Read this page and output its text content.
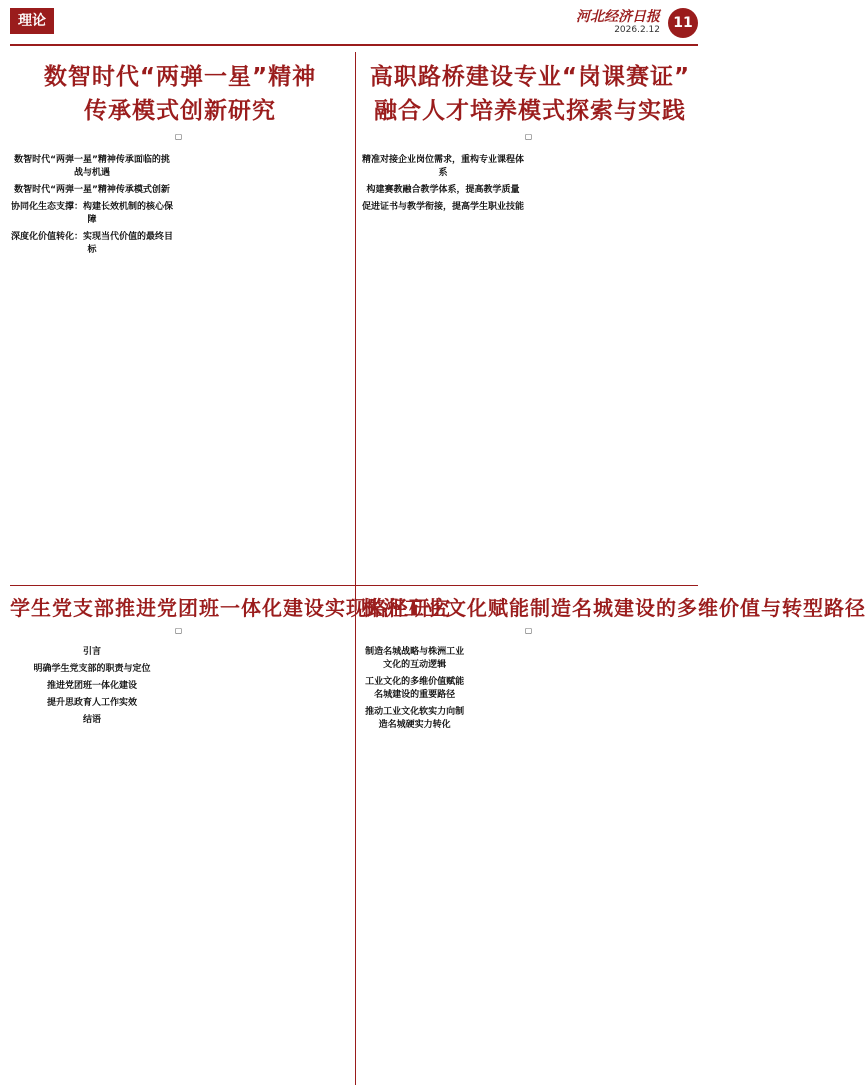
理论	河北经济日报
2026.2.12 11
数智时代“两弹一星”精神
传承模式创新研究
▢
数智时代“两弹一星”精神传承面临的挑战与机遇
数智时代“两弹一星”精神传承模式创新
协同化生态支撑：构建长效机制的核心保障
深度化价值转化：实现当代价值的最终目标
高职路桥建设专业“岗课赛证”
融合人才培养模式探索与实践
▢
精准对接企业岗位需求，重构专业课程体系
构建赛教融合教学体系，提高教学质量
促进证书与教学衔接，提高学生职业技能
学生党支部推进党团班一体化建设实现路径研究
▢
引言
明确学生党支部的职责与定位
推进党团班一体化建设
提升思政育人工作实效
结语
株洲工业文化赋能制造名城建设的多维价值与转型路径
▢
制造名城战略与株洲工业文化的互动逻辑
工业文化的多维价值赋能名城建设的重要路径
推动工业文化软实力向制造名城硬实力转化
